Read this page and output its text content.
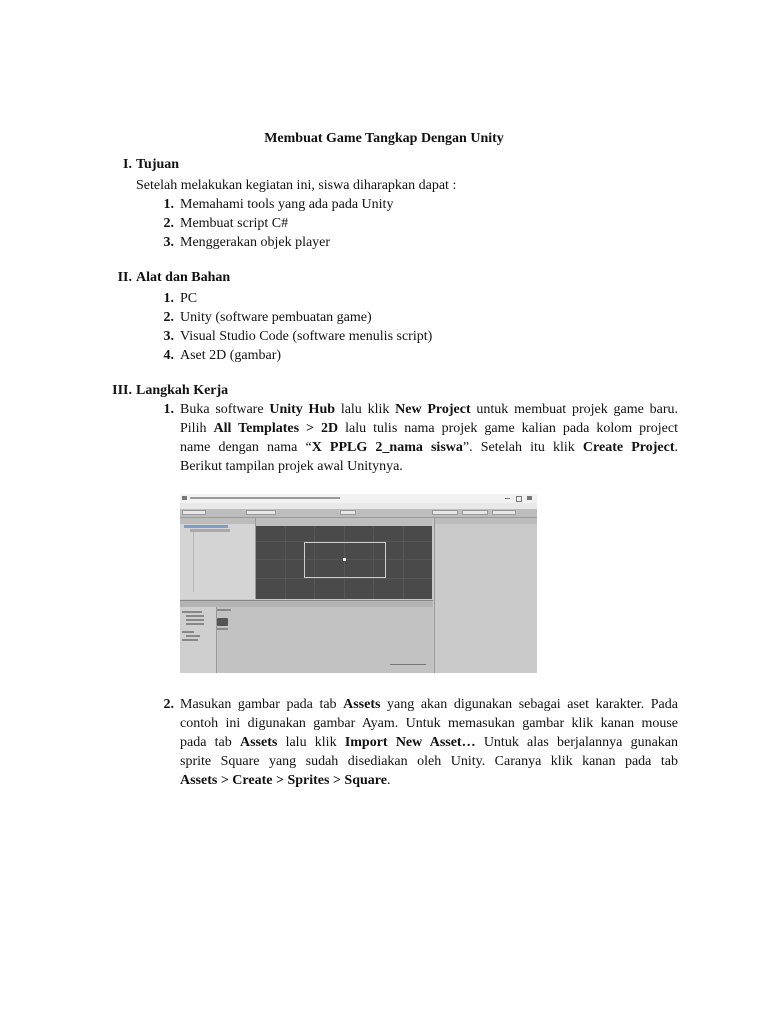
Membuat Game Tangkap Dengan Unity
I. Tujuan
Setelah melakukan kegiatan ini, siswa diharapkan dapat :
1. Memahami tools yang ada pada Unity
2. Membuat script C#
3. Menggerakan objek player
II. Alat dan Bahan
1. PC
2. Unity (software pembuatan game)
3. Visual Studio Code (software menulis script)
4. Aset 2D (gambar)
III. Langkah Kerja
1. Buka software Unity Hub lalu klik New Project untuk membuat projek game baru.
Pilih All Templates > 2D lalu tulis nama projek game kalian pada kolom project
name dengan nama “X PPLG 2_nama siswa”. Setelah itu klik Create Project.
Berikut tampilan projek awal Unitynya.
2. Masukan gambar pada tab Assets yang akan digunakan sebagai aset karakter. Pada
contoh ini digunakan gambar Ayam. Untuk memasukan gambar klik kanan mouse
pada tab Assets lalu klik Import New Asset… Untuk alas berjalannya gunakan
sprite Square yang sudah disediakan oleh Unity. Caranya klik kanan pada tab
Assets > Create > Sprites > Square.
